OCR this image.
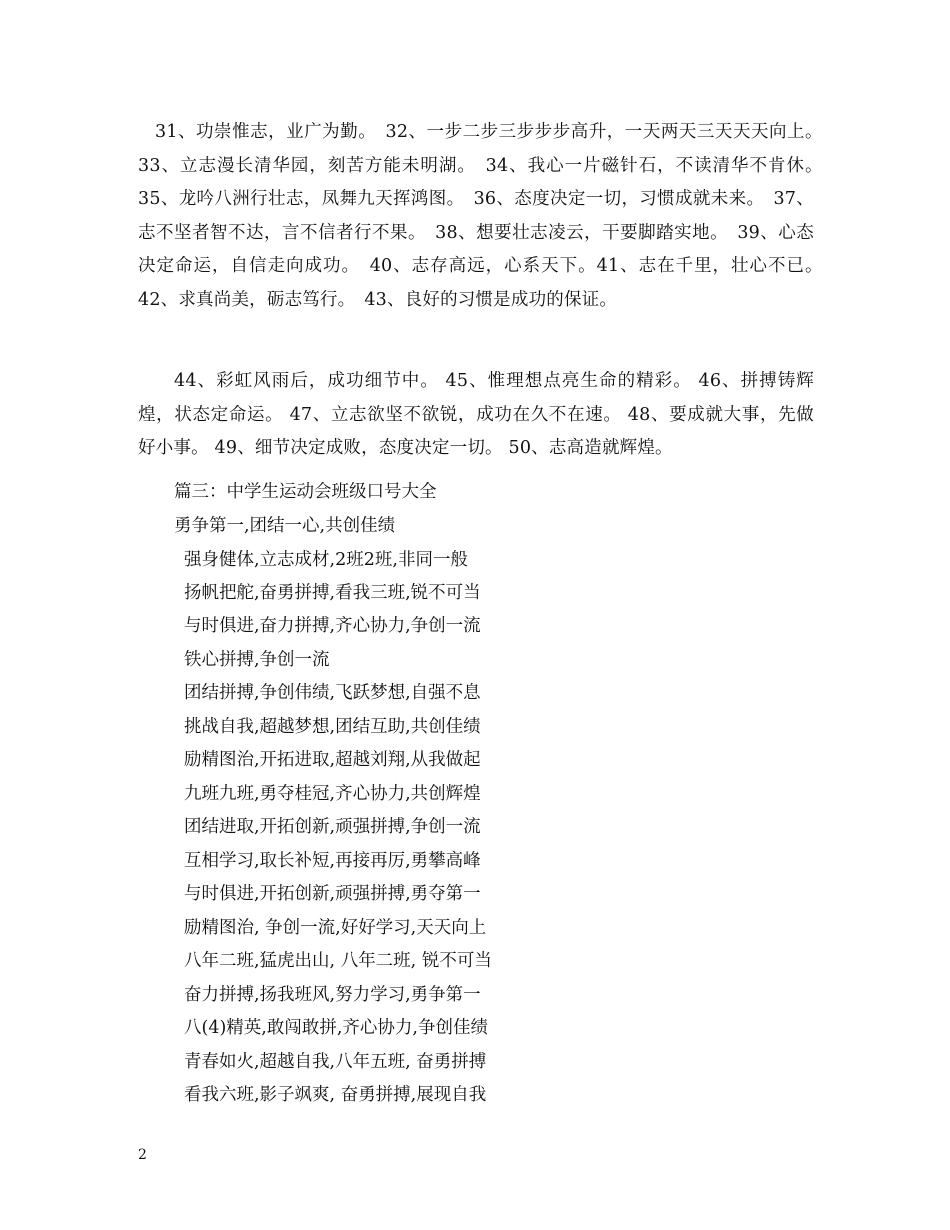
31、功崇惟志，业广为勤。　32、一步二步三步步步高升，一天两天三天天天向上。　33、立志漫长清华园，刻苦方能未明湖。　34、我心一片磁针石，不读清华不肯休。　35、龙吟八洲行壮志，凤舞九天挥鸿图。　36、态度决定一切，习惯成就未来。　37、志不坚者智不达，言不信者行不果。　38、想要壮志凌云，干要脚踏实地。　39、心态决定命运，自信走向成功。　40、志存高远，心系天下。41、志在千里，壮心不已。　42、求真尚美，砺志笃行。　43、良好的习惯是成功的保证。

44、彩虹风雨后，成功细节中。 45、惟理想点亮生命的精彩。 46、拼搏铸辉煌，状态定命运。 47、立志欲坚不欲锐，成功在久不在速。 48、要成就大事，先做好小事。 49、细节决定成败，态度决定一切。 50、志高造就辉煌。

篇三：中学生运动会班级口号大全

勇争第一,团结一心,共创佳绩

强身健体,立志成材,2班2班,非同一般

扬帆把舵,奋勇拼搏,看我三班,锐不可当

与时俱进,奋力拼搏,齐心协力,争创一流

铁心拼搏,争创一流

团结拼搏,争创伟绩,飞跃梦想,自强不息

挑战自我,超越梦想,团结互助,共创佳绩

励精图治,开拓进取,超越刘翔,从我做起

九班九班,勇夺桂冠,齐心协力,共创辉煌

团结进取,开拓创新,顽强拼搏,争创一流

互相学习,取长补短,再接再厉,勇攀高峰

与时俱进,开拓创新,顽强拼搏,勇夺第一

励精图治, 争创一流,好好学习,天天向上

八年二班,猛虎出山, 八年二班, 锐不可当

奋力拼搏,扬我班风,努力学习,勇争第一

八(4)精英,敢闯敢拼,齐心协力,争创佳绩

青春如火,超越自我,八年五班, 奋勇拼搏

看我六班,影子飒爽, 奋勇拼搏,展现自我

2
